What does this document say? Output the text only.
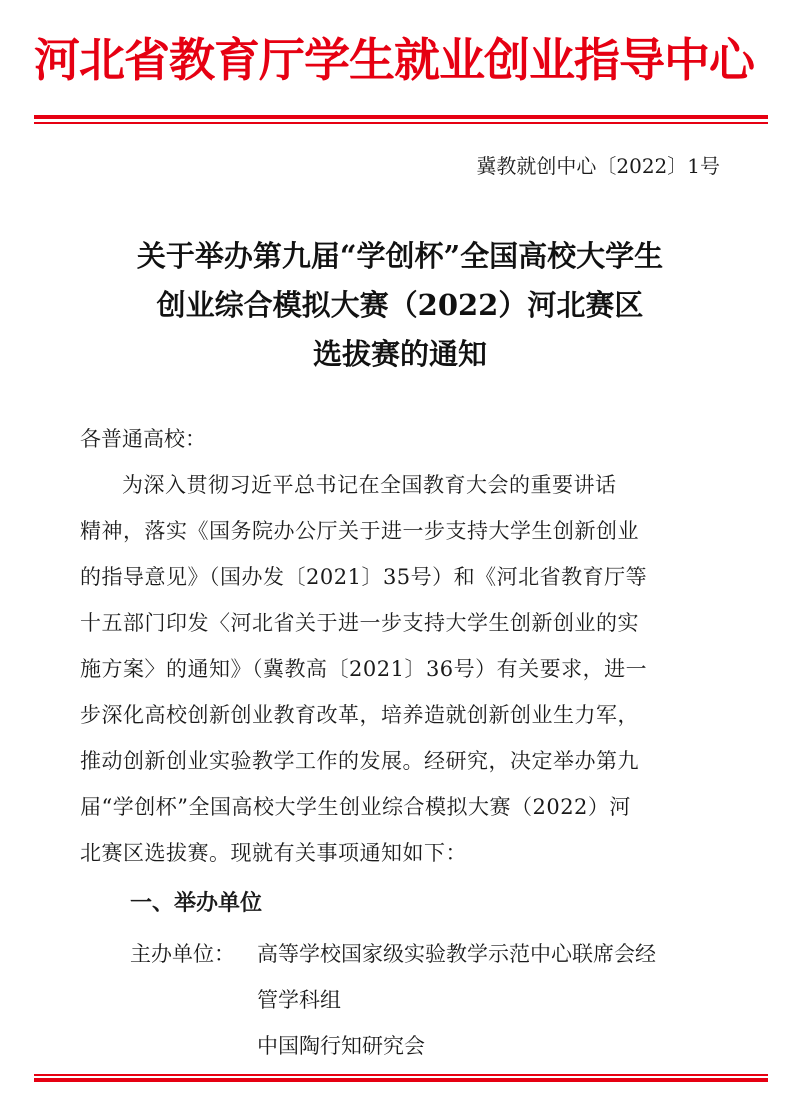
河北省教育厅学生就业创业指导中心
冀教就创中心〔2022〕1号
关于举办第九届“学创杯”全国高校大学生
创业综合模拟大赛（2022）河北赛区
选拔赛的通知
各普通高校：
为深入贯彻习近平总书记在全国教育大会的重要讲话
精神，落实《国务院办公厅关于进一步支持大学生创新创业
的指导意见》（国办发〔2021〕35号）和《河北省教育厅等
十五部门印发〈河北省关于进一步支持大学生创新创业的实
施方案〉的通知》（冀教高〔2021〕36号）有关要求，进一
步深化高校创新创业教育改革，培养造就创新创业生力军，
推动创新创业实验教学工作的发展。经研究，决定举办第九
届“学创杯”全国高校大学生创业综合模拟大赛（2022）河
北赛区选拔赛。现就有关事项通知如下：
一、举办单位
主办单位： 高等学校国家级实验教学示范中心联席会经
管学科组
中国陶行知研究会
